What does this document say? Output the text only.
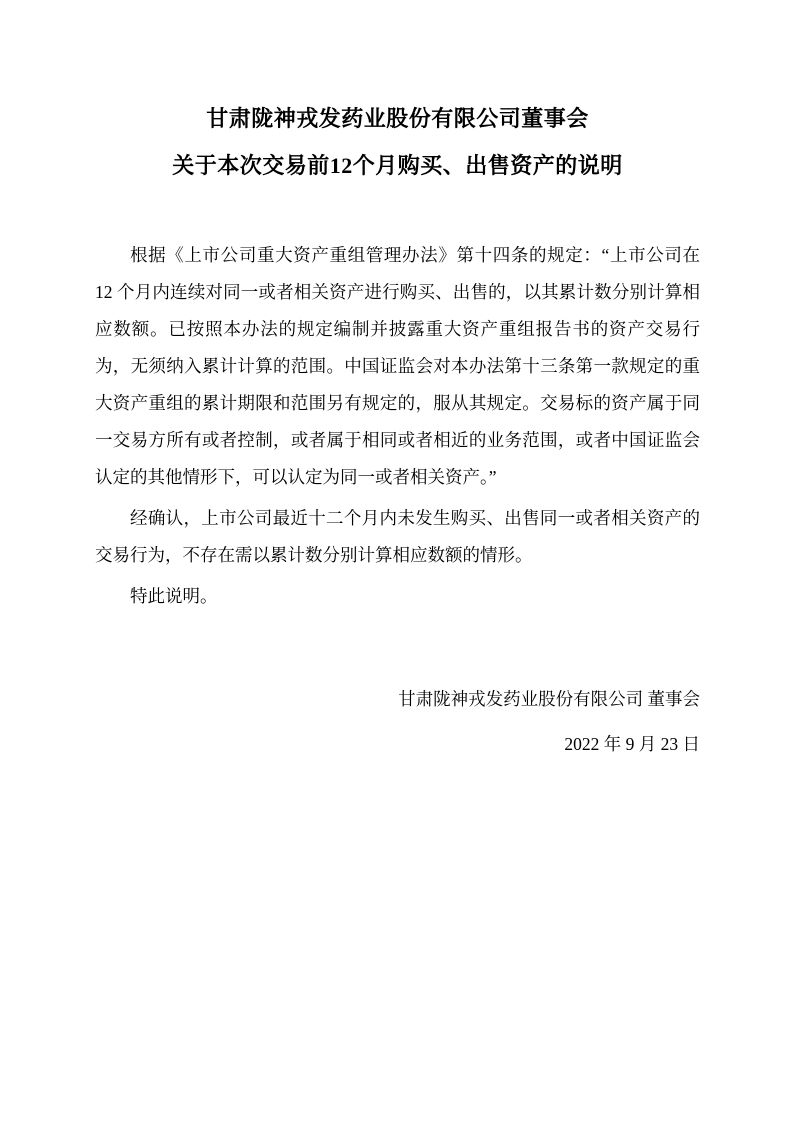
甘肃陇神戎发药业股份有限公司董事会
关于本次交易前12个月购买、出售资产的说明

根据《上市公司重大资产重组管理办法》第十四条的规定：“上市公司在 12 个月内连续对同一或者相关资产进行购买、出售的，以其累计数分别计算相应数额。已按照本办法的规定编制并披露重大资产重组报告书的资产交易行为，无须纳入累计计算的范围。中国证监会对本办法第十三条第一款规定的重大资产重组的累计期限和范围另有规定的，服从其规定。交易标的资产属于同一交易方所有或者控制，或者属于相同或者相近的业务范围，或者中国证监会认定的其他情形下，可以认定为同一或者相关资产。”

经确认，上市公司最近十二个月内未发生购买、出售同一或者相关资产的交易行为，不存在需以累计数分别计算相应数额的情形。

特此说明。

甘肃陇神戎发药业股份有限公司 董事会
2022 年 9 月 23 日
